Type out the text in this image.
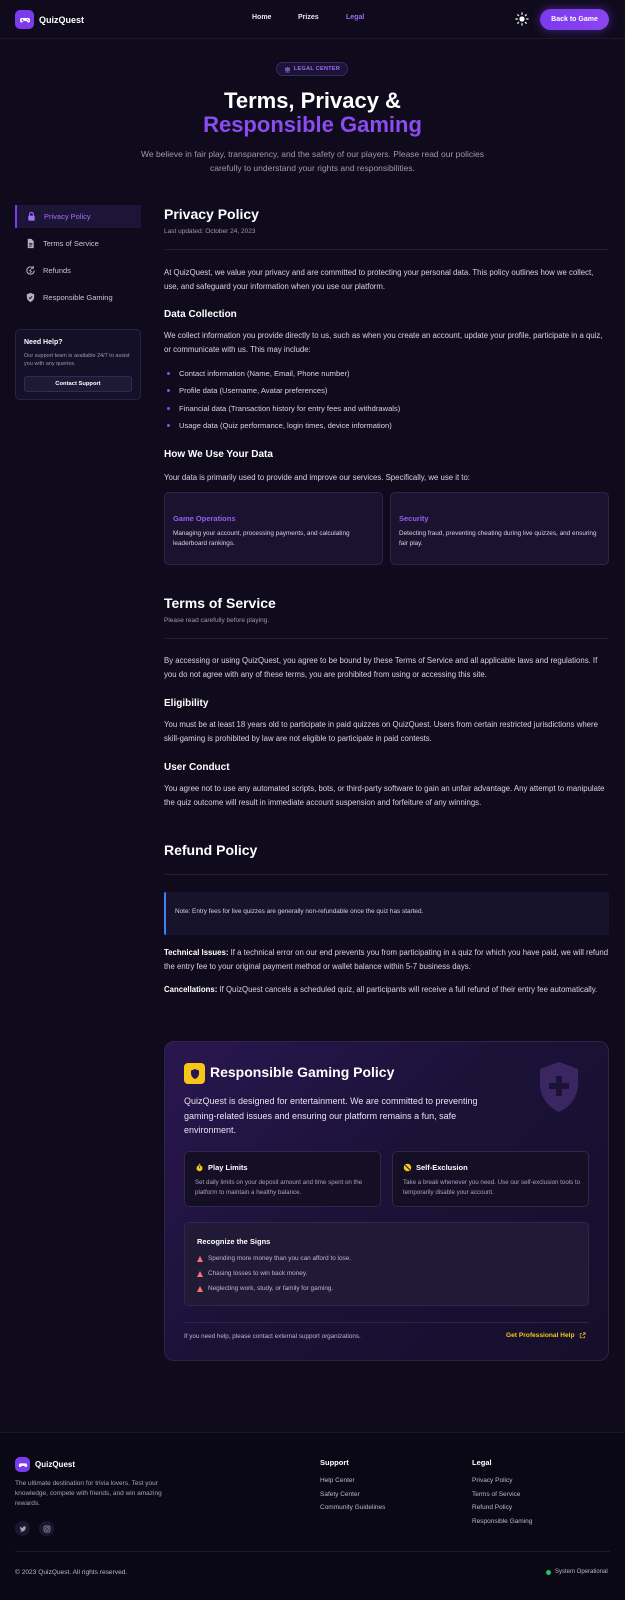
QuizQuest	Home	Prizes	Legal	Back to Game
LEGAL CENTER
Terms, Privacy &
Responsible Gaming
We believe in fair play, transparency, and the safety of our players. Please read our policies carefully to understand your rights and responsibilities.
Privacy Policy
Terms of Service
$ Refunds
Responsible Gaming
Need Help?
Our support team is available 24/7 to assist you with any queries.
Contact Support
Privacy Policy
Last updated: October 24, 2023
At QuizQuest, we value your privacy and are committed to protecting your personal data. This policy outlines how we collect, use, and safeguard your information when you use our platform.
Data Collection
We collect information you provide directly to us, such as when you create an account, update your profile, participate in a quiz, or communicate with us. This may include:
Contact information (Name, Email, Phone number)
Profile data (Username, Avatar preferences)
Financial data (Transaction history for entry fees and withdrawals)
Usage data (Quiz performance, login times, device information)
How We Use Your Data
Your data is primarily used to provide and improve our services. Specifically, we use it to:
Game Operations
Managing your account, processing payments, and calculating leaderboard rankings.
Security
Detecting fraud, preventing cheating during live quizzes, and ensuring fair play.
Terms of Service
Please read carefully before playing.
By accessing or using QuizQuest, you agree to be bound by these Terms of Service and all applicable laws and regulations. If you do not agree with any of these terms, you are prohibited from using or accessing this site.
Eligibility
You must be at least 18 years old to participate in paid quizzes on QuizQuest. Users from certain restricted jurisdictions where skill-gaming is prohibited by law are not eligible to participate in paid contests.
User Conduct
You agree not to use any automated scripts, bots, or third-party software to gain an unfair advantage. Any attempt to manipulate the quiz outcome will result in immediate account suspension and forfeiture of any winnings.
Refund Policy
Note: Entry fees for live quizzes are generally non-refundable once the quiz has started.
Technical Issues: If a technical error on our end prevents you from participating in a quiz for which you have paid, we will refund the entry fee to your original payment method or wallet balance within 5-7 business days.
Cancellations: If QuizQuest cancels a scheduled quiz, all participants will receive a full refund of their entry fee automatically.
Responsible Gaming Policy
QuizQuest is designed for entertainment. We are committed to preventing gaming-related issues and ensuring our platform remains a fun, safe environment.
Play Limits
Set daily limits on your deposit amount and time spent on the platform to maintain a healthy balance.
Self-Exclusion
Take a break whenever you need. Use our self-exclusion tools to temporarily disable your account.
Recognize the Signs
Spending more money than you can afford to lose.
Chasing losses to win back money.
Neglecting work, study, or family for gaming.
If you need help, please contact external support organizations.	Get Professional Help
QuizQuest
The ultimate destination for trivia lovers. Test your knowledge, compete with friends, and win amazing rewards.
Support
Help Center
Safety Center
Community Guidelines
Legal
Privacy Policy
Terms of Service
Refund Policy
Responsible Gaming
© 2023 QuizQuest. All rights reserved.	System Operational
